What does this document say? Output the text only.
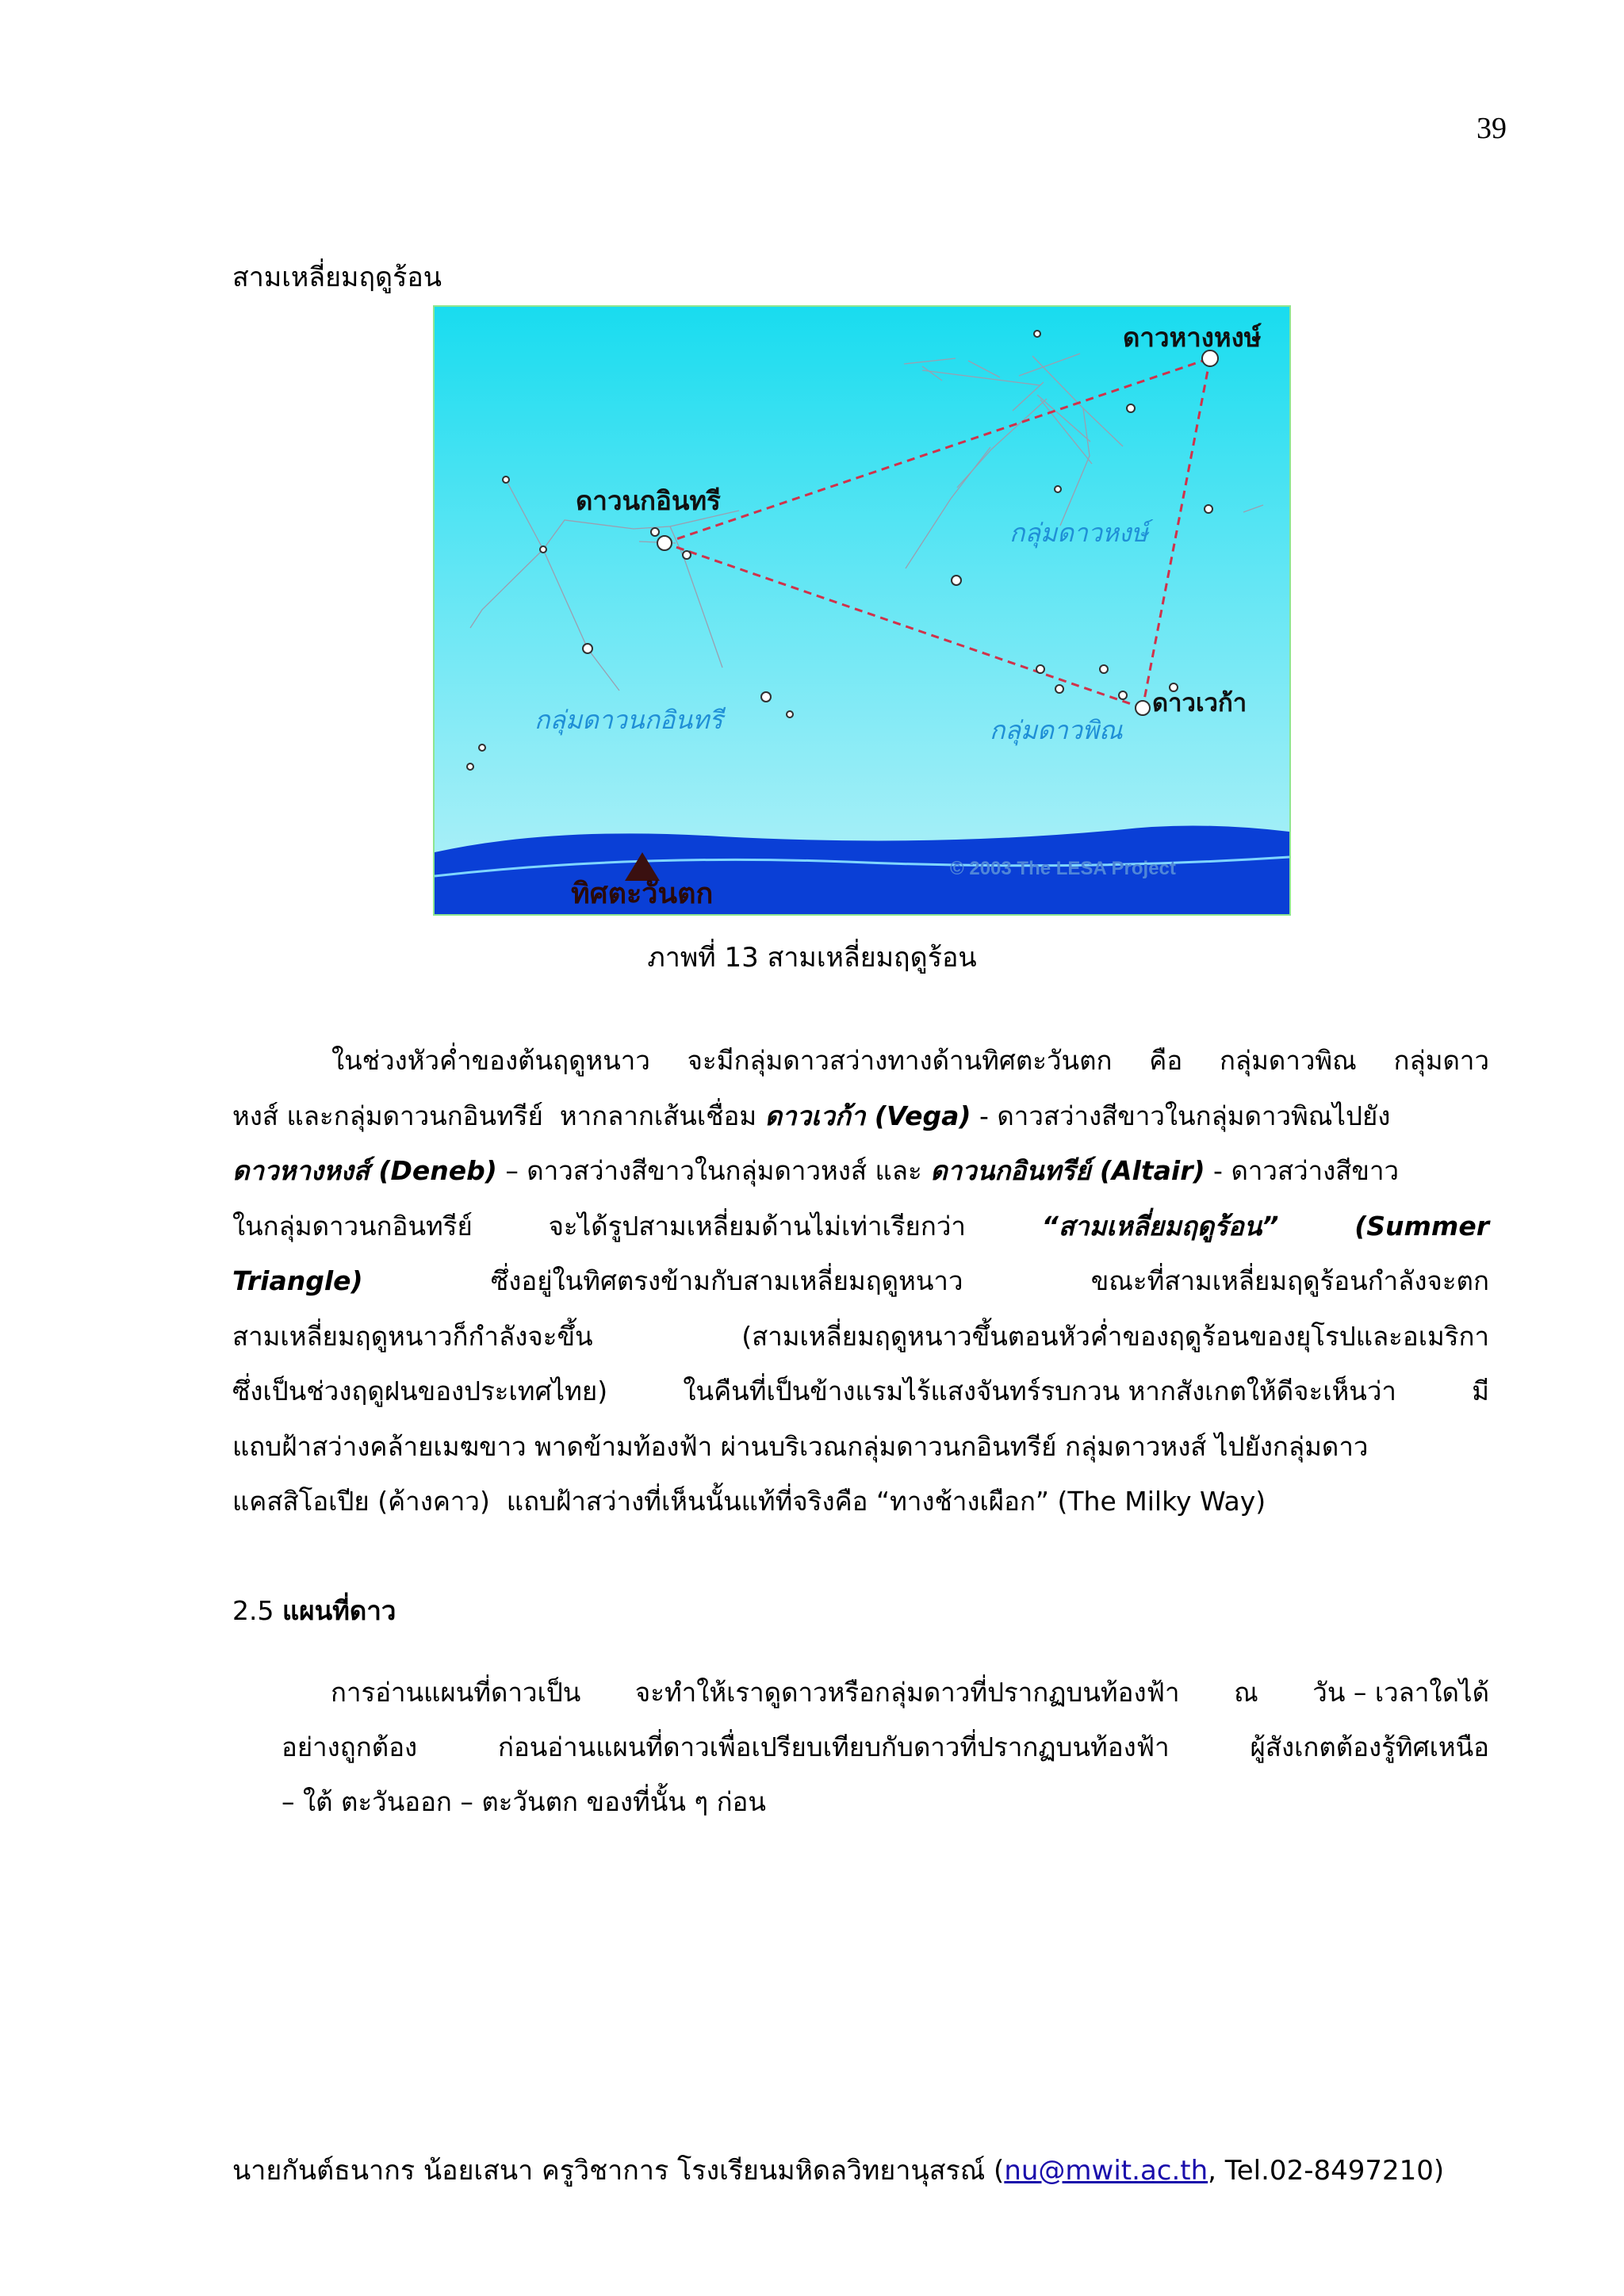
39
สามเหลี่ยมฤดูร้อน
ดาวหางหงษ์
ดาวนกอินทรี
กลุ่มดาวหงษ์
ดาวเวก้า
กลุ่มดาวนกอินทรี	กลุ่มดาวพิณ
ทิศตะวันตก
© 2003 The LESA Project
ภาพที่ 13 สามเหลี่ยมฤดูร้อน
ในช่วงหัวค่ำของต้นฤดูหนาว จะมีกลุ่มดาวสว่างทางด้านทิศตะวันตก คือ กลุ่มดาวพิณ กลุ่มดาว
หงส์ และกลุ่มดาวนกอินทรีย์  หากลากเส้นเชื่อม ดาวเวก้า (Vega) - ดาวสว่างสีขาวในกลุ่มดาวพิณไปยัง
ดาวหางหงส์ (Deneb) – ดาวสว่างสีขาวในกลุ่มดาวหงส์ และ ดาวนกอินทรีย์ (Altair) - ดาวสว่างสีขาว
ในกลุ่มดาวนกอินทรีย์	จะได้รูปสามเหลี่ยมด้านไม่เท่าเรียกว่า	“สามเหลี่ยมฤดูร้อน”	(Summer
Triangle)	ซึ่งอยู่ในทิศตรงข้ามกับสามเหลี่ยมฤดูหนาว	ขณะที่สามเหลี่ยมฤดูร้อนกำลังจะตก
สามเหลี่ยมฤดูหนาวก็กำลังจะขึ้น	(สามเหลี่ยมฤดูหนาวขึ้นตอนหัวค่ำของฤดูร้อนของยุโรปและอเมริกา
ซึ่งเป็นช่วงฤดูฝนของประเทศไทย)	ในคืนที่เป็นข้างแรมไร้แสงจันทร์รบกวน หากสังเกตให้ดีจะเห็นว่า	มี
แถบฝ้าสว่างคล้ายเมฆขาว พาดข้ามท้องฟ้า ผ่านบริเวณกลุ่มดาวนกอินทรีย์ กลุ่มดาวหงส์ ไปยังกลุ่มดาว
แคสสิโอเปีย (ค้างคาว)  แถบฝ้าสว่างที่เห็นนั้นแท้ที่จริงคือ “ทางช้างเผือก” (The Milky Way)
2.5 แผนที่ดาว
การอ่านแผนที่ดาวเป็น จะทำให้เราดูดาวหรือกลุ่มดาวที่ปรากฏบนท้องฟ้า ณ วัน – เวลาใดได้
อย่างถูกต้อง	ก่อนอ่านแผนที่ดาวเพื่อเปรียบเทียบกับดาวที่ปรากฏบนท้องฟ้า	ผู้สังเกตต้องรู้ทิศเหนือ
– ใต้ ตะวันออก – ตะวันตก ของที่นั้น ๆ ก่อน
นายกันต์ธนากร น้อยเสนา ครูวิชาการ โรงเรียนมหิดลวิทยานุสรณ์ (nu@mwit.ac.th, Tel.02-8497210)
